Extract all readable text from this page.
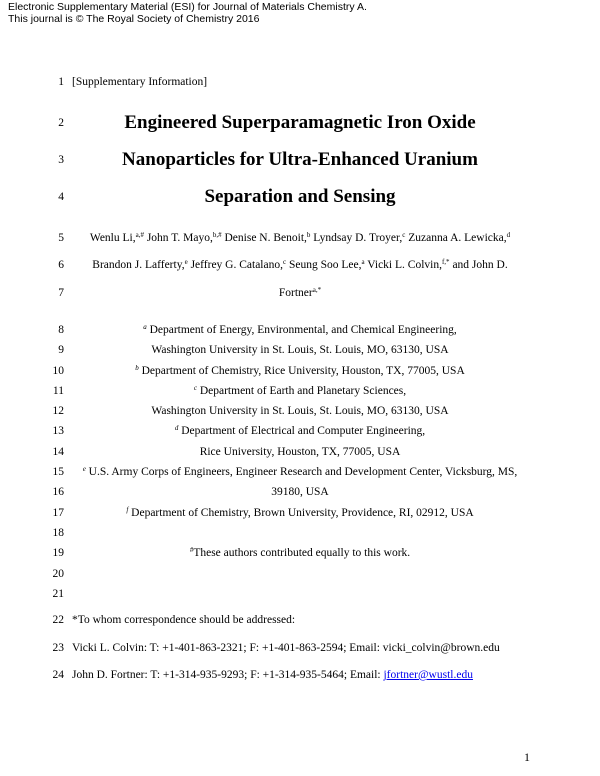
Electronic Supplementary Material (ESI) for Journal of Materials Chemistry A.
This journal is © The Royal Society of Chemistry 2016
1
2
3
4
5
6
7
8
9
10
11
12
13
14
15
16
17
18
19
20
21
22
23
24
[Supplementary Information]
Engineered Superparamagnetic Iron Oxide
Nanoparticles for Ultra-Enhanced Uranium
Separation and Sensing
Wenlu Li,$^{a,\#}$ John T. Mayo,$^{b,\#}$ Denise N. Benoit,$^b$ Lyndsay D. Troyer,$^c$ Zuzanna A. Lewicka,$^d$
Brandon J. Lafferty,$^e$ Jeffrey G. Catalano,$^c$ Seung Soo Lee,$^a$ Vicki L. Colvin,$^{f,*}$ and John D.
Fortner$^{a,*}$
$^a$ Department of Energy, Environmental, and Chemical Engineering,
Washington University in St. Louis, St. Louis, MO, 63130, USA
$^b$ Department of Chemistry, Rice University, Houston, TX, 77005, USA
$^c$ Department of Earth and Planetary Sciences,
Washington University in St. Louis, St. Louis, MO, 63130, USA
$^d$ Department of Electrical and Computer Engineering,
Rice University, Houston, TX, 77005, USA
$^e$ U.S. Army Corps of Engineers, Engineer Research and Development Center, Vicksburg, MS,
39180, USA
$^f$ Department of Chemistry, Brown University, Providence, RI, 02912, USA
#These authors contributed equally to this work.
*To whom correspondence should be addressed:
Vicki L. Colvin: T: +1-401-863-2321; F: +1-401-863-2594; Email: vicki_colvin@brown.edu
John D. Fortner: T: +1-314-935-9293; F: +1-314-935-5464; Email: jfortner@wustl.edu
1
